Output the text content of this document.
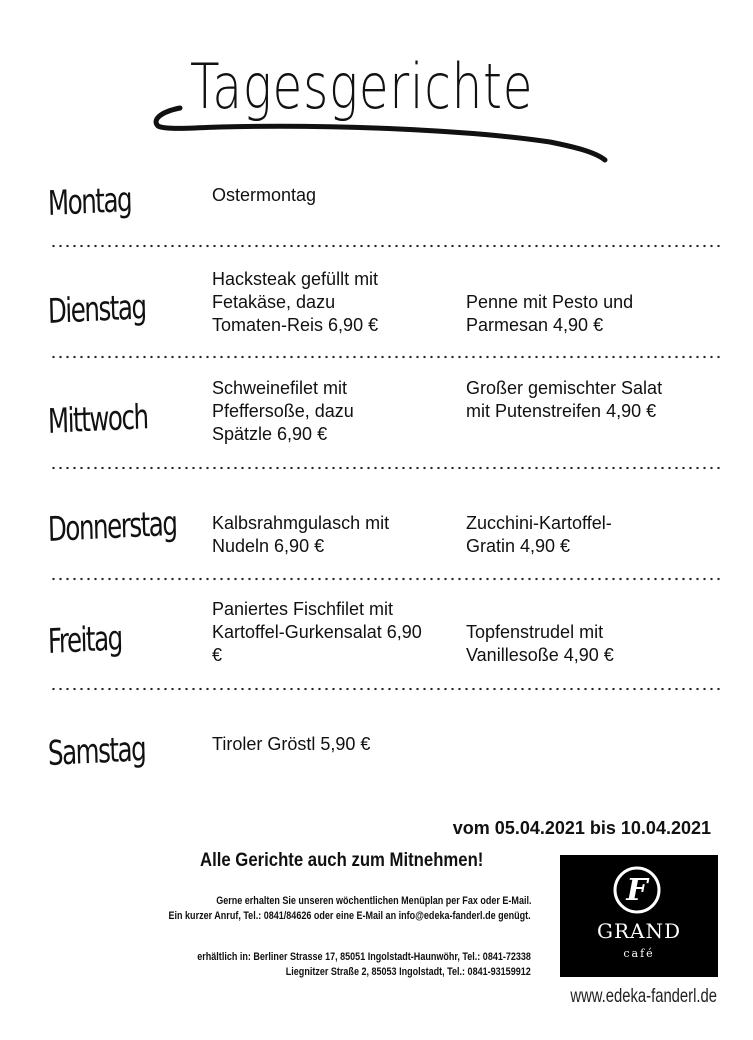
Tagesgerichte
Montag	Ostermontag
Dienstag
Hacksteak gefüllt mit Fetakäse, dazu Tomaten-Reis 6,90 €
Penne mit Pesto und Parmesan 4,90 €
Mittwoch
Schweinefilet mit Pfeffersoße, dazu Spätzle 6,90 €
Großer gemischter Salat mit Putenstreifen 4,90 €
Donnerstag Kalbsrahmgulasch mit Nudeln 6,90 €
Zucchini-Kartoffel-Gratin 4,90 €
Freitag
Paniertes Fischfilet mit Kartoffel-Gurkensalat 6,90 €
Topfenstrudel mit Vanillesoße 4,90 €
Samstag	Tiroler Gröstl 5,90 €
vom 05.04.2021 bis 10.04.2021
Alle Gerichte auch zum Mitnehmen!
Gerne erhalten Sie unseren wöchentlichen Menüplan per Fax oder E-Mail.
Ein kurzer Anruf, Tel.: 0841/84626 oder eine E-Mail an info@edeka-fanderl.de genügt.
erhältlich in: Berliner Strasse 17, 85051 Ingolstadt-Haunwöhr, Tel.: 0841-72338
Liegnitzer Straße 2, 85053 Ingolstadt, Tel.: 0841-93159912
F
GRAND
café
www.edeka-fanderl.de
